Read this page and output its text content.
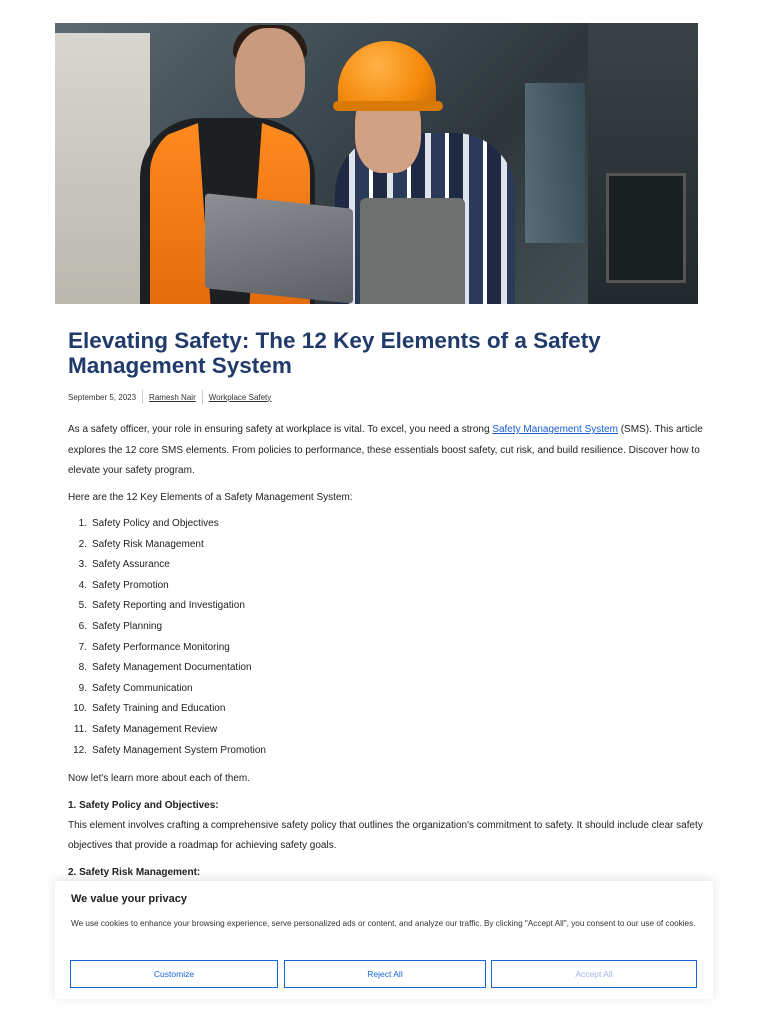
Elevating Safety: The 12 Key Elements of a Safety Management System
September 5, 2023	Ramesh Nair	Workplace Safety

As a safety officer, your role in ensuring safety at workplace is vital. To excel, you need a strong Safety Management System (SMS). This article explores the 12 core SMS elements. From policies to performance, these essentials boost safety, cut risk, and build resilience. Discover how to elevate your safety program.

Here are the 12 Key Elements of a Safety Management System:

1. Safety Policy and Objectives
2. Safety Risk Management
3. Safety Assurance
4. Safety Promotion
5. Safety Reporting and Investigation
6. Safety Planning
7. Safety Performance Monitoring
8. Safety Management Documentation
9. Safety Communication
10. Safety Training and Education
11. Safety Management Review
12. Safety Management System Promotion

Now let's learn more about each of them.

1. Safety Policy and Objectives:

This element involves crafting a comprehensive safety policy that outlines the organization's commitment to safety. It should include clear safety objectives that provide a roadmap for achieving safety goals.

2. Safety Risk Management:
We value your privacy
We use cookies to enhance your browsing experience, serve personalized ads or content, and analyze our traffic. By clicking "Accept All", you consent to our use of cookies.
Customize	Reject All	Accept All
